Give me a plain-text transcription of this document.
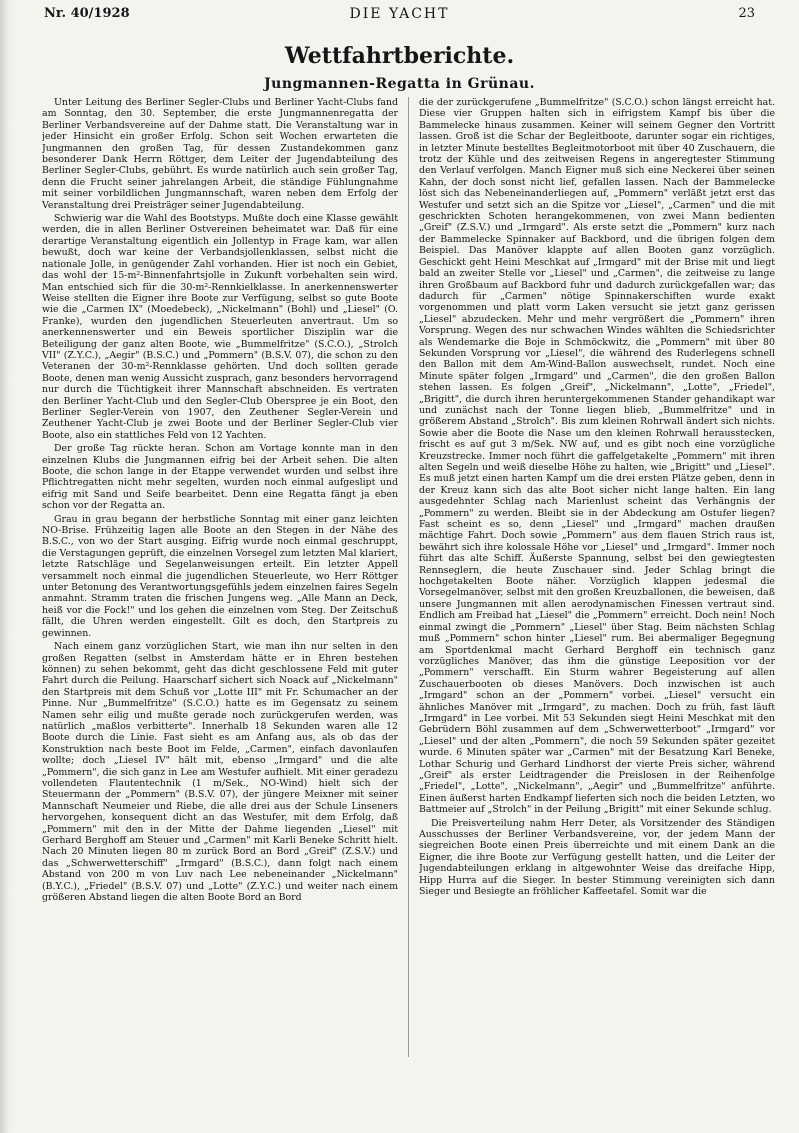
Nr. 40/1928	DIE YACHT	23
Wettfahrtberichte.
Jungmannen-Regatta in Grünau.

Unter Leitung des Berliner Segler-Clubs und Berliner Yacht-Clubs fand am Sonntag, den 30. September, die erste Jungmannenregatta der Berliner Verbandsvereine auf der Dahme statt. Die Veranstaltung war in jeder Hinsicht ein großer Erfolg. Schon seit Wochen erwarteten die Jungmannen den großen Tag, für dessen Zustandekommen ganz besonderer Dank Herrn Röttger, dem Leiter der Jugendabteilung des Berliner Segler-Clubs, gebührt. Es wurde natürlich auch sein großer Tag, denn die Frucht seiner jahrelangen Arbeit, die ständige Fühlungnahme mit seiner vorbildlichen Jungmannschaft, waren neben dem Erfolg der Veranstaltung drei Preisträger seiner Jugendabteilung.

Schwierig war die Wahl des Bootstyps. Mußte doch eine Klasse gewählt werden, die in allen Berliner Ostvereinen beheimatet war. Daß für eine derartige Veranstaltung eigentlich ein Jollentyp in Frage kam, war allen bewußt, doch war keine der Verbandsjollenklassen, selbst nicht die nationale Jolle, in genügender Zahl vorhanden. Hier ist noch ein Gebiet, das wohl der 15-m²-Binnenfahrtsjolle in Zukunft vorbehalten sein wird. Man entschied sich für die 30-m²-Rennkielklasse. In anerkennenswerter Weise stellten die Eigner ihre Boote zur Verfügung, selbst so gute Boote wie die „Carmen IX" (Moedebeck), „Nickelmann" (Bohl) und „Liesel" (O. Franke), wurden den jugendlichen Steuerleuten anvertraut. Um so anerkennenswerter und ein Beweis sportlicher Disziplin war die Beteiligung der ganz alten Boote, wie „Bummelfritze" (S.C.O.), „Strolch VII" (Z.Y.C.), „Aegir" (B.S.C.) und „Pommern" (B.S.V. 07), die schon zu den Veteranen der 30-m²-Rennklasse gehörten. Und doch sollten gerade Boote, denen man wenig Aussicht zusprach, ganz besonders hervorragend nur durch die Tüchtigkeit ihrer Mannschaft abschneiden. Es vertraten den Berliner Yacht-Club und den Segler-Club Oberspree je ein Boot, den Berliner Segler-Verein von 1907, den Zeuthener Segler-Verein und Zeuthener Yacht-Club je zwei Boote und der Berliner Segler-Club vier Boote, also ein stattliches Feld von 12 Yachten.

Der große Tag rückte heran. Schon am Vortage konnte man in den einzelnen Klubs die Jungmannen eifrig bei der Arbeit sehen. Die alten Boote, die schon lange in der Etappe verwendet wurden und selbst ihre Pflichtregatten nicht mehr segelten, wurden noch einmal aufgeslipt und eifrig mit Sand und Seife bearbeitet. Denn eine Regatta fängt ja eben schon vor der Regatta an.

Grau in grau begann der herbstliche Sonntag mit einer ganz leichten NO-Brise. Frühzeitig lagen alle Boote an den Stegen in der Nähe des B.S.C., von wo der Start ausging. Eifrig wurde noch einmal geschruppt, die Verstagungen geprüft, die einzelnen Vorsegel zum letzten Mal klariert, letzte Ratschläge und Segelanweisungen erteilt. Ein letzter Appell versammelt noch einmal die jugendlichen Steuerleute, wo Herr Röttger unter Betonung des Verantwortungsgefühls jedem einzelnen faires Segeln anmahnt. Stramm traten die frischen Jungens weg. „Alle Mann an Deck, heiß vor die Fock!" und los gehen die einzelnen vom Steg. Der Zeitschuß fällt, die Uhren werden eingestellt. Gilt es doch, den Startpreis zu gewinnen.

Nach einem ganz vorzüglichen Start, wie man ihn nur selten in den großen Regatten (selbst in Amsterdam hätte er in Ehren bestehen können) zu sehen bekommt, geht das dicht geschlossene Feld mit guter Fahrt durch die Peilung. Haarscharf sichert sich Noack auf „Nickelmann" den Startpreis mit dem Schuß vor „Lotte III" mit Fr. Schumacher an der Pinne. Nur „Bummelfritze" (S.C.O.) hatte es im Gegensatz zu seinem Namen sehr eilig und mußte gerade noch zurückgerufen werden, was natürlich „maßlos verbitterte". Innerhalb 18 Sekunden waren alle 12 Boote durch die Linie. Fast sieht es am Anfang aus, als ob das der Konstruktion nach beste Boot im Felde, „Carmen", einfach davonlaufen wollte; doch „Liesel IV" hält mit, ebenso „Irmgard" und die alte „Pommern", die sich ganz in Lee am Westufer aufhielt. Mit einer geradezu vollendeten Flautentechnik (1 m/Sek., NO-Wind) hielt sich der Steuermann der „Pommern" (B.S.V. 07), der jüngere Meixner mit seiner Mannschaft Neumeier und Riebe, die alle drei aus der Schule Linseners hervorgehen, konsequent dicht an das Westufer, mit dem Erfolg, daß „Pommern" mit den in der Mitte der Dahme liegenden „Liesel" mit Gerhard Berghoff am Steuer und „Carmen" mit Karli Beneke Schritt hielt. Nach 20 Minuten liegen 80 m zurück Bord an Bord „Greif" (Z.S.V.) und das „Schwerwetterschiff" „Irmgard" (B.S.C.), dann folgt nach einem Abstand von 200 m von Luv nach Lee nebeneinander „Nickelmann" (B.Y.C.), „Friedel" (B.S.V. 07) und „Lotte" (Z.Y.C.) und weiter nach einem größeren Abstand liegen die alten Boote Bord an Bord

die der zurückgerufene „Bummelfritze" (S.C.O.) schon längst erreicht hat. Diese vier Gruppen halten sich in eifrigstem Kampf bis über die Bammelecke hinaus zusammen. Keiner will seinem Gegner den Vortritt lassen. Groß ist die Schar der Begleitboote, darunter sogar ein richtiges, in letzter Minute bestelltes Begleitmotorboot mit über 40 Zuschauern, die trotz der Kühle und des zeitweisen Regens in angeregtester Stimmung den Verlauf verfolgen. Manch Eigner muß sich eine Neckerei über seinen Kahn, der doch sonst nicht lief, gefallen lassen. Nach der Bammelecke löst sich das Nebeneinanderliegen auf, „Pommern" verläßt jetzt erst das Westufer und setzt sich an die Spitze vor „Liesel", „Carmen" und die mit geschrickten Schoten herangekommenen, von zwei Mann bedienten „Greif" (Z.S.V.) und „Irmgard". Als erste setzt die „Pommern" kurz nach der Bammelecke Spinnaker auf Backbord, und die übrigen folgen dem Beispiel. Das Manöver klappte auf allen Booten ganz vorzüglich. Geschickt geht Heini Meschkat auf „Irmgard" mit der Brise mit und liegt bald an zweiter Stelle vor „Liesel" und „Carmen", die zeitweise zu lange ihren Großbaum auf Backbord fuhr und dadurch zurückgefallen war; das dadurch für „Carmen" nötige Spinnakerschiften wurde exakt vorgenommen und platt vorm Laken versucht sie jetzt ganz gerissen „Liesel" abzudecken. Mehr und mehr vergrößert die „Pommern" ihren Vorsprung. Wegen des nur schwachen Windes wählten die Schiedsrichter als Wendemarke die Boje in Schmöckwitz, die „Pommern" mit über 80 Sekunden Vorsprung vor „Liesel", die während des Ruderlegens schnell den Ballon mit dem Am-Wind-Ballon auswechselt, rundet. Noch eine Minute später folgen „Irmgard" und „Carmen", die den großen Ballon stehen lassen. Es folgen „Greif", „Nickelmann", „Lotte", „Friedel", „Brigitt", die durch ihren heruntergekommenen Stander gehandikapt war und zunächst nach der Tonne liegen blieb, „Bummelfritze" und in größerem Abstand „Strolch". Bis zum kleinen Rohrwall ändert sich nichts. Sowie aber die Boote die Nase um den kleinen Rohrwall herausstecken, frischt es auf gut 3 m/Sek. NW auf, und es gibt noch eine vorzügliche Kreuzstrecke. Immer noch führt die gaffelgetakelte „Pommern" mit ihren alten Segeln und weiß dieselbe Höhe zu halten, wie „Brigitt" und „Liesel". Es muß jetzt einen harten Kampf um die drei ersten Plätze geben, denn in der Kreuz kann sich das alte Boot sicher nicht lange halten. Ein lang ausgedehnter Schlag nach Marienlust scheint das Verhängnis der „Pommern" zu werden. Bleibt sie in der Abdeckung am Ostufer liegen? Fast scheint es so, denn „Liesel" und „Irmgard" machen draußen mächtige Fahrt. Doch sowie „Pommern" aus dem flauen Strich raus ist, bewährt sich ihre kolossale Höhe vor „Liesel" und „Irmgard". Immer noch führt das alte Schiff. Äußerste Spannung, selbst bei den gewiegtesten Rennseglern, die heute Zuschauer sind. Jeder Schlag bringt die hochgetakelten Boote näher. Vorzüglich klappen jedesmal die Vorsegelmanöver, selbst mit den großen Kreuzballonen, die beweisen, daß unsere Jungmannen mit allen aerodynamischen Finessen vertraut sind. Endlich am Freibad hat „Liesel" die „Pommern" erreicht. Doch nein! Noch einmal zwingt die „Pommern" „Liesel" über Stag. Beim nächsten Schlag muß „Pommern" schon hinter „Liesel" rum. Bei abermaliger Begegnung am Sportdenkmal macht Gerhard Berghoff ein technisch ganz vorzügliches Manöver, das ihm die günstige Leeposition vor der „Pommern" verschafft. Ein Sturm wahrer Begeisterung auf allen Zuschauerbooten ob dieses Manövers. Doch inzwischen ist auch „Irmgard" schon an der „Pommern" vorbei. „Liesel" versucht ein ähnliches Manöver mit „Irmgard", zu machen. Doch zu früh, fast läuft „Irmgard" in Lee vorbei. Mit 53 Sekunden siegt Heini Meschkat mit den Gebrüdern Böhl zusammen auf dem „Schwerwetterboot" „Irmgard" vor „Liesel" und der alten „Pommern", die noch 59 Sekunden später gezeitet wurde. 6 Minuten später war „Carmen" mit der Besatzung Karl Beneke, Lothar Schurig und Gerhard Lindhorst der vierte Preis sicher, während „Greif" als erster Leidtragender die Preislosen in der Reihenfolge „Friedel", „Lotte", „Nickelmann", „Aegir" und „Bummelfritze" anführte. Einen äußerst harten Endkampf lieferten sich noch die beiden Letzten, wo Battmeier auf „Strolch" in der Peilung „Brigitt" mit einer Sekunde schlug.

Die Preisverteilung nahm Herr Deter, als Vorsitzender des Ständigen Ausschusses der Berliner Verbandsvereine, vor, der jedem Mann der siegreichen Boote einen Preis überreichte und mit einem Dank an die Eigner, die ihre Boote zur Verfügung gestellt hatten, und die Leiter der Jugendabteilungen erklang in altgewohnter Weise das dreifache Hipp, Hipp Hurra auf die Sieger. In bester Stimmung vereinigten sich dann Sieger und Besiegte an fröhlicher Kaffeetafel. Somit war die
